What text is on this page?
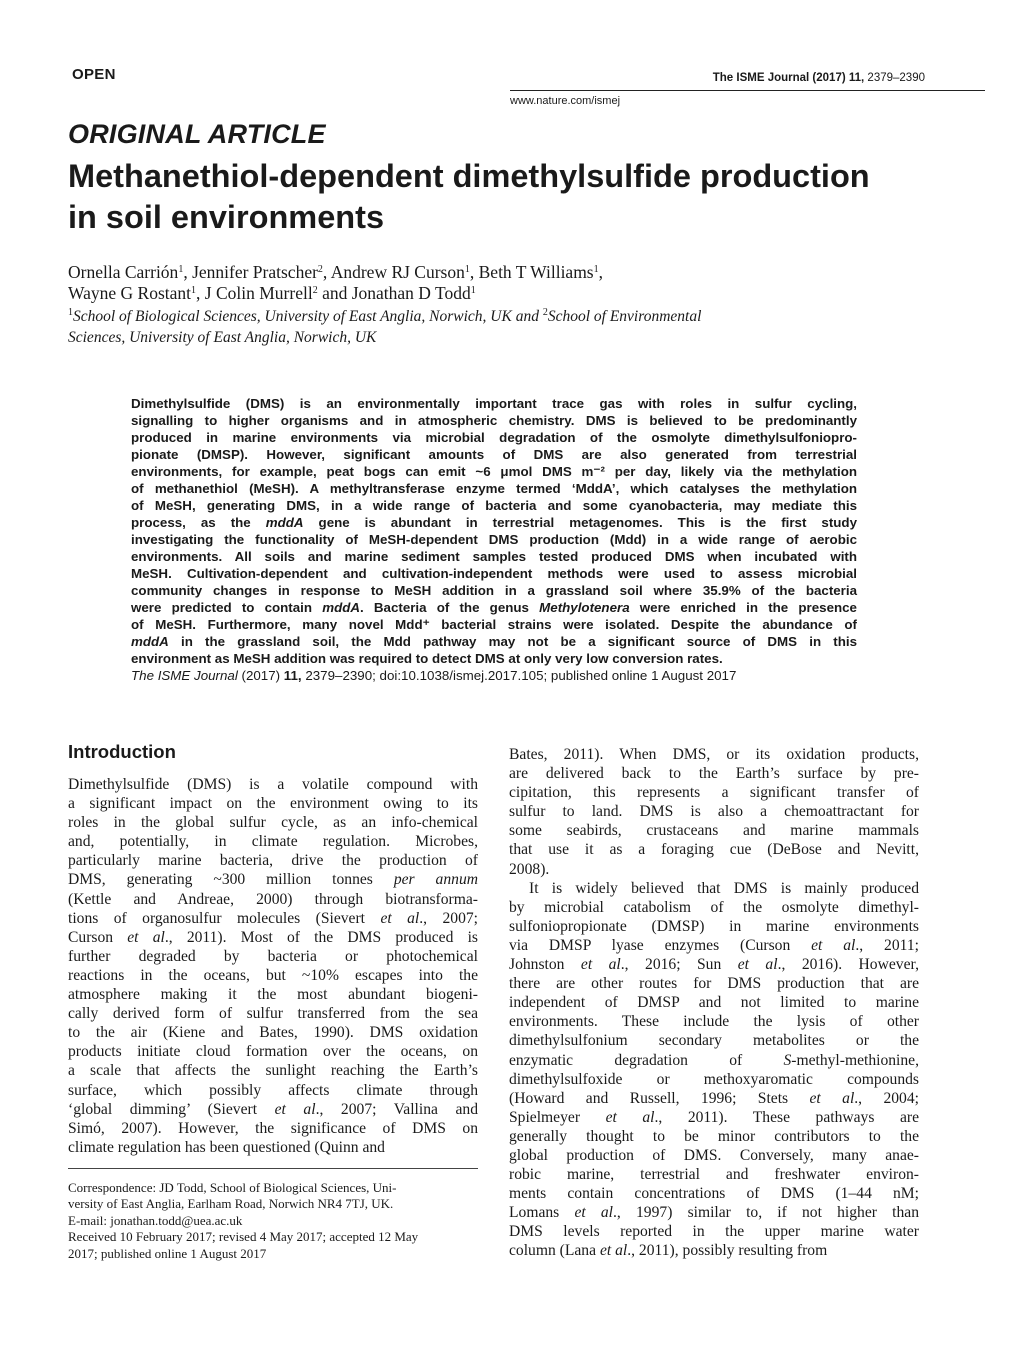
OPEN	The ISME Journal (2017) 11, 2379–2390
www.nature.com/ismej
ORIGINAL ARTICLE
Methanethiol-dependent dimethylsulfide production
in soil environments
Ornella Carrión$^1$, Jennifer Pratscher$^2$, Andrew RJ Curson$^1$, Beth T Williams$^1$,
Wayne G Rostant$^1$, J Colin Murrell$^2$ and Jonathan D Todd$^1$
$^1$School of Biological Sciences, University of East Anglia, Norwich, UK and $^2$School of Environmental
Sciences, University of East Anglia, Norwich, UK
Dimethylsulfide (DMS) is an environmentally important trace gas with roles in sulfur cycling,
signalling to higher organisms and in atmospheric chemistry. DMS is believed to be predominantly
produced in marine environments via microbial degradation of the osmolyte dimethylsulfoniopro-
pionate (DMSP). However, significant amounts of DMS are also generated from terrestrial
environments, for example, peat bogs can emit ~6 μmol DMS m⁻² per day, likely via the methylation
of methanethiol (MeSH). A methyltransferase enzyme termed ‘MddA’, which catalyses the methylation
of MeSH, generating DMS, in a wide range of bacteria and some cyanobacteria, may mediate this
process, as the mddA gene is abundant in terrestrial metagenomes. This is the first study
investigating the functionality of MeSH-dependent DMS production (Mdd) in a wide range of aerobic
environments. All soils and marine sediment samples tested produced DMS when incubated with
MeSH. Cultivation-dependent and cultivation-independent methods were used to assess microbial
community changes in response to MeSH addition in a grassland soil where 35.9% of the bacteria
were predicted to contain mddA. Bacteria of the genus Methylotenera were enriched in the presence
of MeSH. Furthermore, many novel Mdd⁺ bacterial strains were isolated. Despite the abundance of
mddA in the grassland soil, the Mdd pathway may not be a significant source of DMS in this
environment as MeSH addition was required to detect DMS at only very low conversion rates.
The ISME Journal (2017) 11, 2379–2390; doi:10.1038/ismej.2017.105; published online 1 August 2017
Introduction
Dimethylsulfide (DMS) is a volatile compound with
a significant impact on the environment owing to its
roles in the global sulfur cycle, as an info-chemical
and, potentially, in climate regulation. Microbes,
particularly marine bacteria, drive the production of
DMS, generating ~300 million tonnes per annum
(Kettle and Andreae, 2000) through biotransforma-
tions of organosulfur molecules (Sievert et al., 2007;
Curson et al., 2011). Most of the DMS produced is
further degraded by bacteria or photochemical
reactions in the oceans, but ~10% escapes into the
atmosphere making it the most abundant biogeni-
cally derived form of sulfur transferred from the sea
to the air (Kiene and Bates, 1990). DMS oxidation
products initiate cloud formation over the oceans, on
a scale that affects the sunlight reaching the Earth’s
surface, which possibly affects climate through
‘global dimming’ (Sievert et al., 2007; Vallina and
Simó, 2007). However, the significance of DMS on
climate regulation has been questioned (Quinn and
Bates, 2011). When DMS, or its oxidation products,
are delivered back to the Earth’s surface by pre-
cipitation, this represents a significant transfer of
sulfur to land. DMS is also a chemoattractant for
some seabirds, crustaceans and marine mammals
that use it as a foraging cue (DeBose and Nevitt,
2008).
It is widely believed that DMS is mainly produced
by microbial catabolism of the osmolyte dimethyl-
sulfoniopropionate (DMSP) in marine environments
via DMSP lyase enzymes (Curson et al., 2011;
Johnston et al., 2016; Sun et al., 2016). However,
there are other routes for DMS production that are
independent of DMSP and not limited to marine
environments. These include the lysis of other
dimethylsulfonium secondary metabolites or the
enzymatic degradation of S-methyl-methionine,
dimethylsulfoxide or methoxyaromatic compounds
(Howard and Russell, 1996; Stets et al., 2004;
Spielmeyer et al., 2011). These pathways are
generally thought to be minor contributors to the
global production of DMS. Conversely, many anae-
robic marine, terrestrial and freshwater environ-
ments contain concentrations of DMS (1–44 nM;
Lomans et al., 1997) similar to, if not higher than
DMS levels reported in the upper marine water
column (Lana et al., 2011), possibly resulting from
Correspondence: JD Todd, School of Biological Sciences, Uni-
versity of East Anglia, Earlham Road, Norwich NR4 7TJ, UK.
E-mail: jonathan.todd@uea.ac.uk
Received 10 February 2017; revised 4 May 2017; accepted 12 May
2017; published online 1 August 2017
